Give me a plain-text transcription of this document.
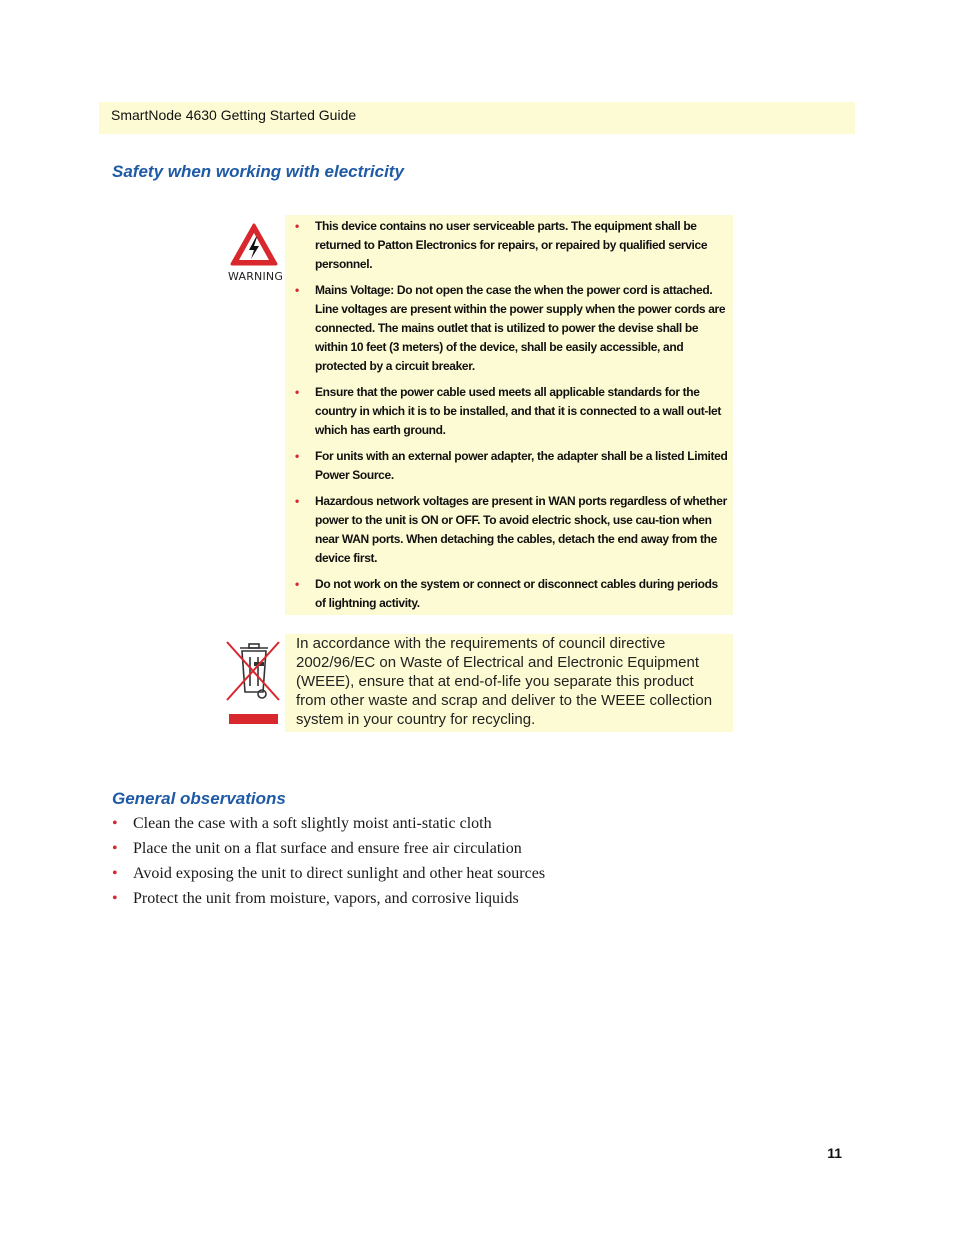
SmartNode 4630 Getting Started Guide
Safety when working with electricity
WARNING
• This device contains no user serviceable parts. The equipment shall be returned to Patton Electronics for repairs, or repaired by qualified service personnel.
• Mains Voltage: Do not open the case the when the power cord is attached. Line voltages are present within the power supply when the power cords are connected. The mains outlet that is utilized to power the devise shall be within 10 feet (3 meters) of the device, shall be easily accessible, and protected by a circuit breaker.
• Ensure that the power cable used meets all applicable standards for the country in which it is to be installed, and that it is connected to a wall out-let which has earth ground.
• For units with an external power adapter, the adapter shall be a listed Limited Power Source.
• Hazardous network voltages are present in WAN ports regardless of whether power to the unit is ON or OFF. To avoid electric shock, use cau-tion when near WAN ports. When detaching the cables, detach the end away from the device first.
• Do not work on the system or connect or disconnect cables during periods of lightning activity.

In accordance with the requirements of council directive 2002/96/EC on Waste of Electrical and Electronic Equipment (WEEE), ensure that at end-of-life you separate this product from other waste and scrap and deliver to the WEEE collection system in your country for recycling.

General observations
• Clean the case with a soft slightly moist anti-static cloth
• Place the unit on a flat surface and ensure free air circulation
• Avoid exposing the unit to direct sunlight and other heat sources
• Protect the unit from moisture, vapors, and corrosive liquids
11
